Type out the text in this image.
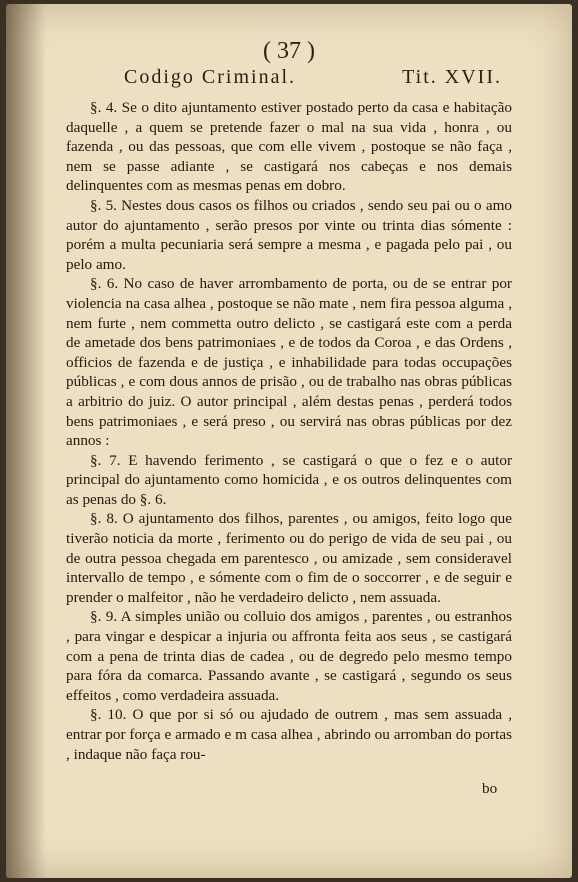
( 37 )
Codigo Criminal.	Tit. XVII.

§. 4. Se o dito ajuntamento estiver postado perto da casa e habitação daquelle , a quem se pretende fazer o mal na sua vida , honra , ou fazenda , ou das pessoas, que com elle vivem , postoque se não faça , nem se passe adiante , se castigará nos cabeças e nos demais delinquentes com as mesmas penas em dobro.

§. 5. Nestes dous casos os filhos ou criados , sendo seu pai ou o amo autor do ajuntamento , serão presos por vinte ou trinta dias sómente : porém a multa pecuniaria será sempre a mesma , e pagada pelo pai , ou pelo amo.

§. 6. No caso de haver arrombamento de porta, ou de se entrar por violencia na casa alhea , postoque se não mate , nem fira pessoa alguma , nem furte , nem commetta outro delicto , se castigará este com a perda de ametade dos bens patrimoniaes , e de todos da Coroa , e das Ordens , officios de fazenda e de justiça , e inhabilidade para todas occupações públicas , e com dous annos de prisão , ou de trabalho nas obras públicas a arbitrio do juiz. O autor principal , além destas penas , perderá todos bens patrimoniaes , e será preso , ou servirá nas obras públicas por dez annos :

§. 7. E havendo ferimento , se castigará o que o fez e o autor principal do ajuntamento como homicida , e os outros delinquentes com as penas do §. 6.

§. 8. O ajuntamento dos filhos, parentes , ou amigos, feito logo que tiverão noticia da morte , ferimento ou do perigo de vida de seu pai , ou de outra pessoa chegada em parentesco , ou amizade , sem consideravel intervallo de tempo , e sómente com o fim de o soccorrer , e de seguir e prender o malfeitor , não he verdadeiro delicto , nem assuada.

§. 9. A simples união ou colluio dos amigos , parentes , ou estranhos , para vingar e despicar a injuria ou affronta feita aos seus , se castigará com a pena de trinta dias de cadea , ou de degredo pelo mesmo tempo para fóra da comarca. Passando avante , se castigará , segundo os seus effeitos , como verdadeira assuada.

§. 10. O que por si só ou ajudado de outrem , mas sem assuada , entrar por força e armado e m casa alhea , abrindo ou arromban do portas , indaque não faça rou-

bo
